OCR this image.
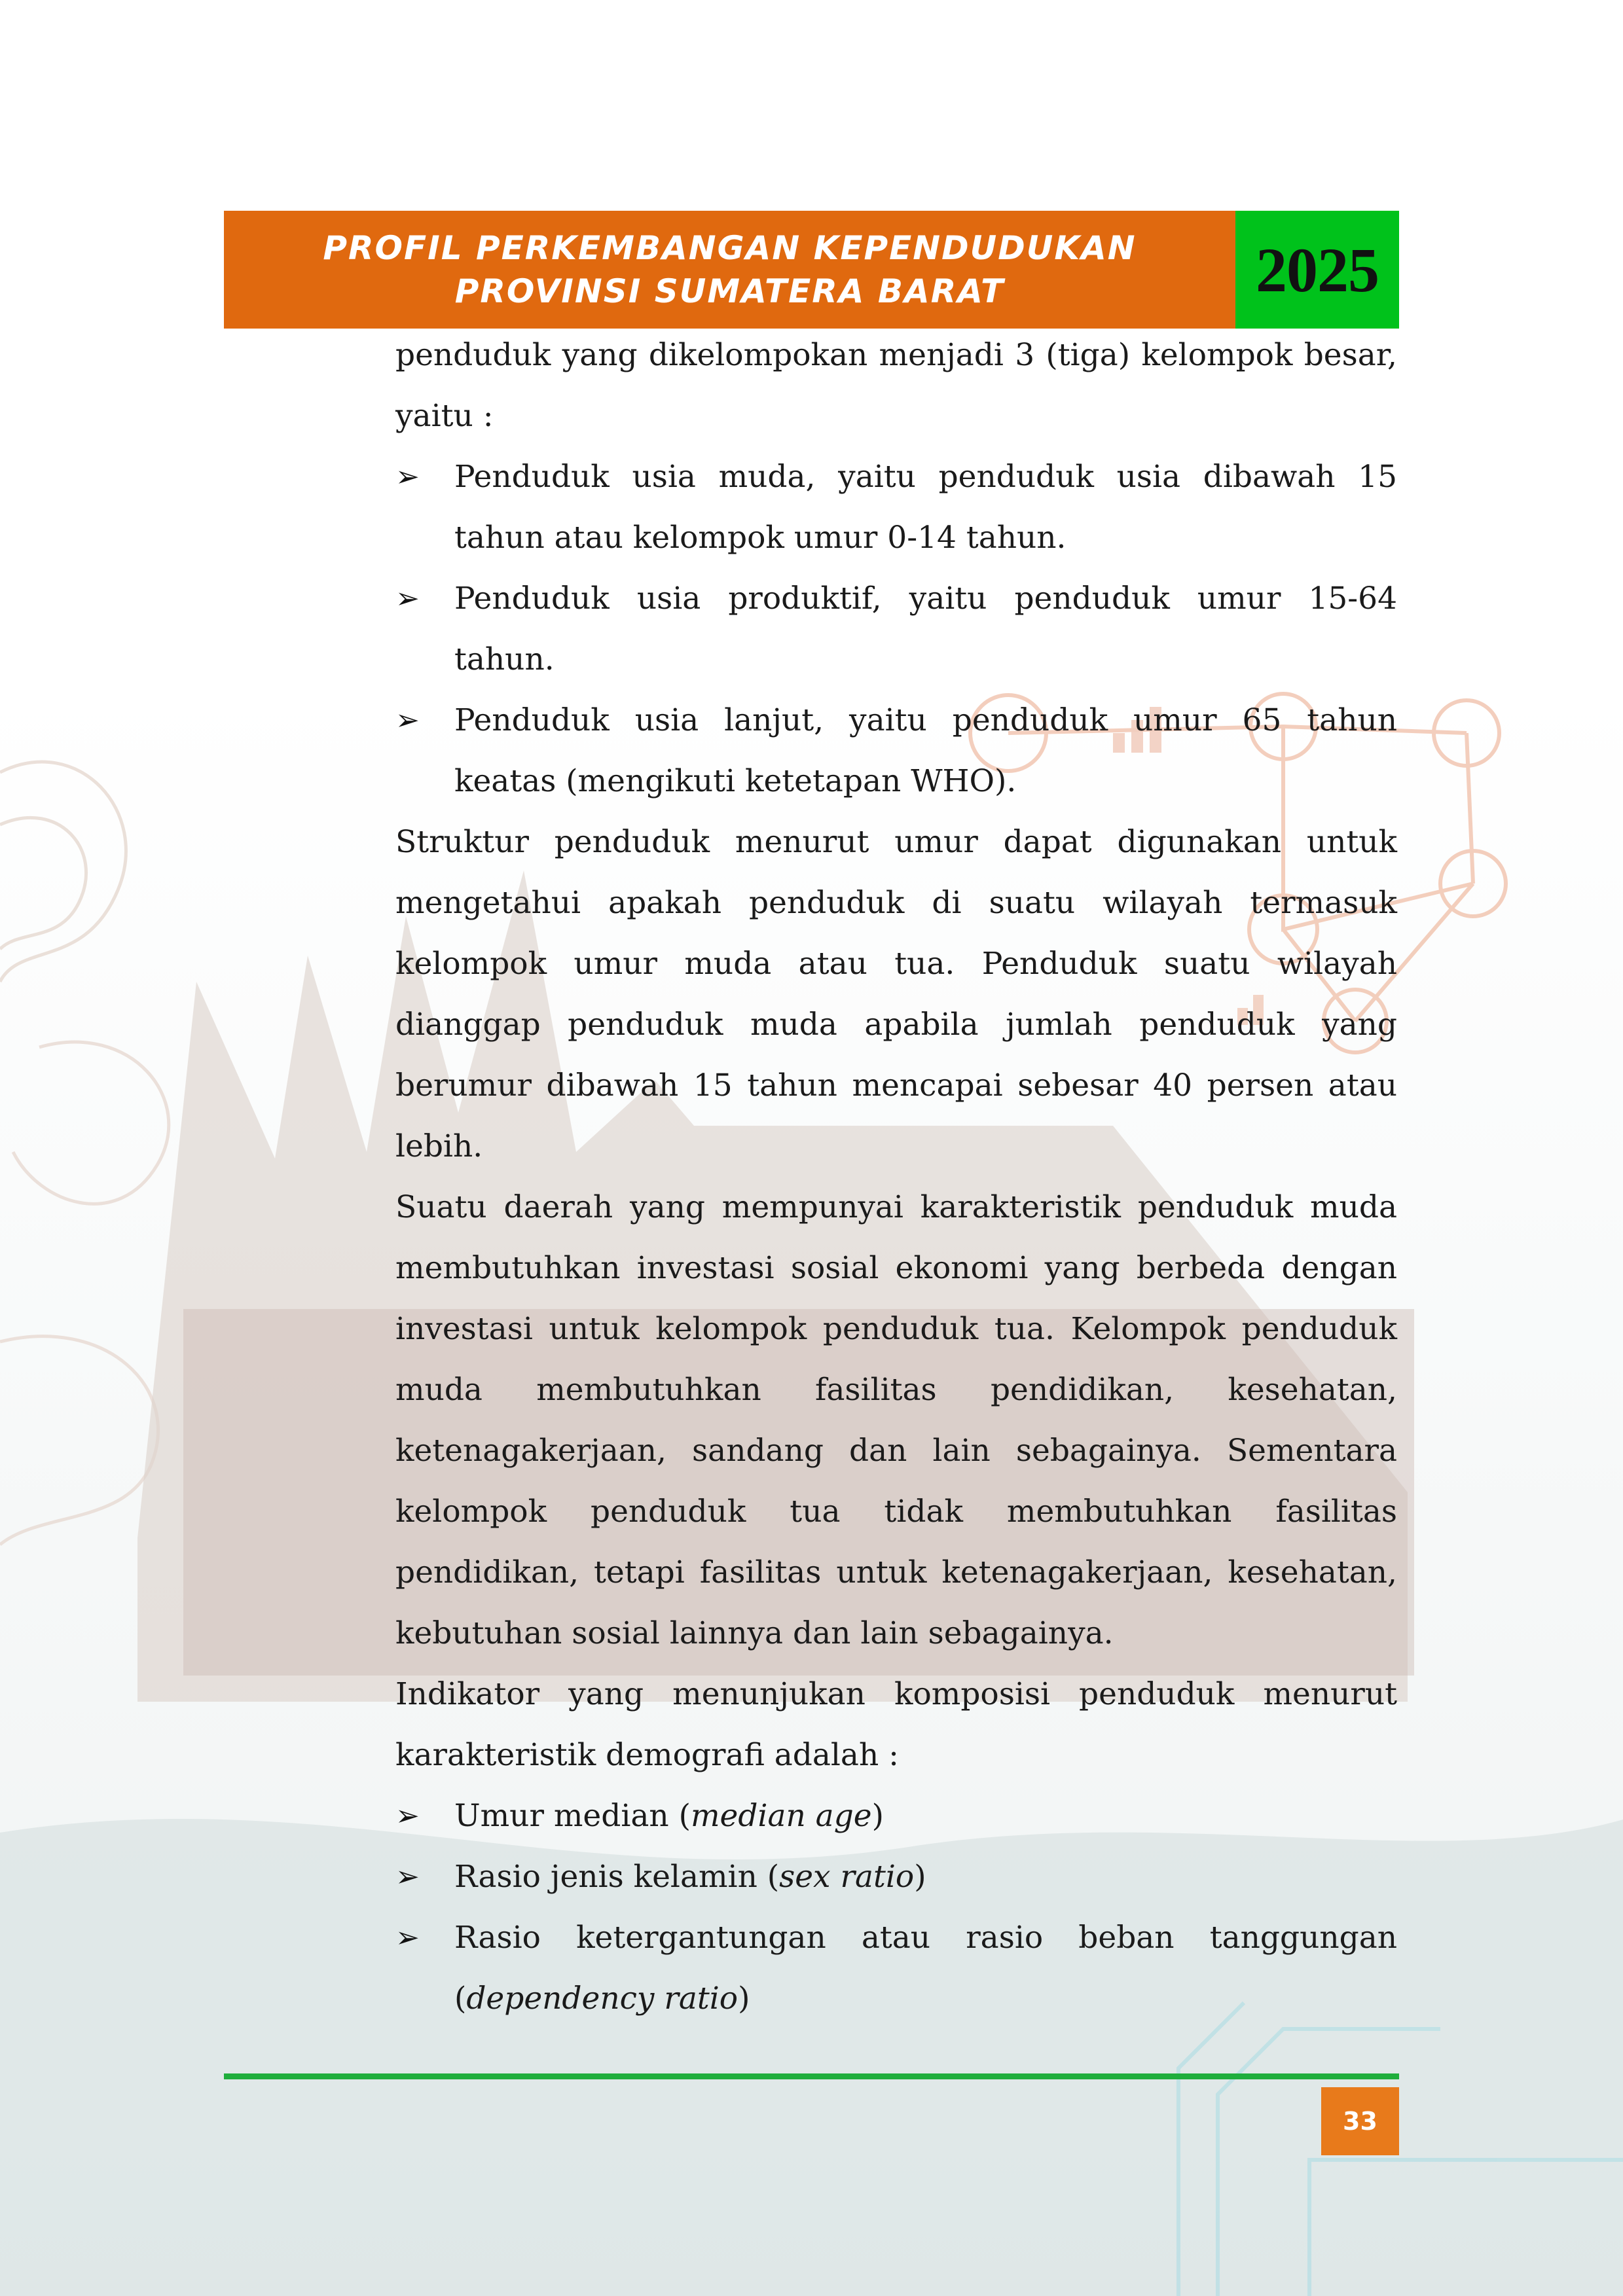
PROFIL PERKEMBANGAN KEPENDUDUKAN
PROVINSI SUMATERA BARAT	2025

penduduk yang dikelompokan menjadi 3 (tiga) kelompok besar,

yaitu :

➢ Penduduk usia muda, yaitu penduduk usia dibawah 15 tahun atau kelompok umur 0-14 tahun.
➢ Penduduk usia produktif, yaitu penduduk umur 15-64 tahun.
➢ Penduduk usia lanjut, yaitu penduduk umur 65 tahun keatas (mengikuti ketetapan WHO).

Struktur penduduk menurut umur dapat digunakan untuk mengetahui apakah penduduk di suatu wilayah termasuk kelompok umur muda atau tua. Penduduk suatu wilayah dianggap penduduk muda apabila jumlah penduduk yang berumur dibawah 15 tahun mencapai sebesar 40 persen atau lebih.

Suatu daerah yang mempunyai karakteristik penduduk muda membutuhkan investasi sosial ekonomi yang berbeda dengan investasi untuk kelompok penduduk tua. Kelompok penduduk muda membutuhkan fasilitas pendidikan, kesehatan, ketenagakerjaan, sandang dan lain sebagainya. Sementara kelompok penduduk tua tidak membutuhkan fasilitas pendidikan, tetapi fasilitas untuk ketenagakerjaan, kesehatan, kebutuhan sosial lainnya dan lain sebagainya.

Indikator yang menunjukan komposisi penduduk menurut karakteristik demografi adalah :

➢ Umur median (median age)
➢ Rasio jenis kelamin (sex ratio)
➢ Rasio ketergantungan atau rasio beban tanggungan (dependency ratio)
33
